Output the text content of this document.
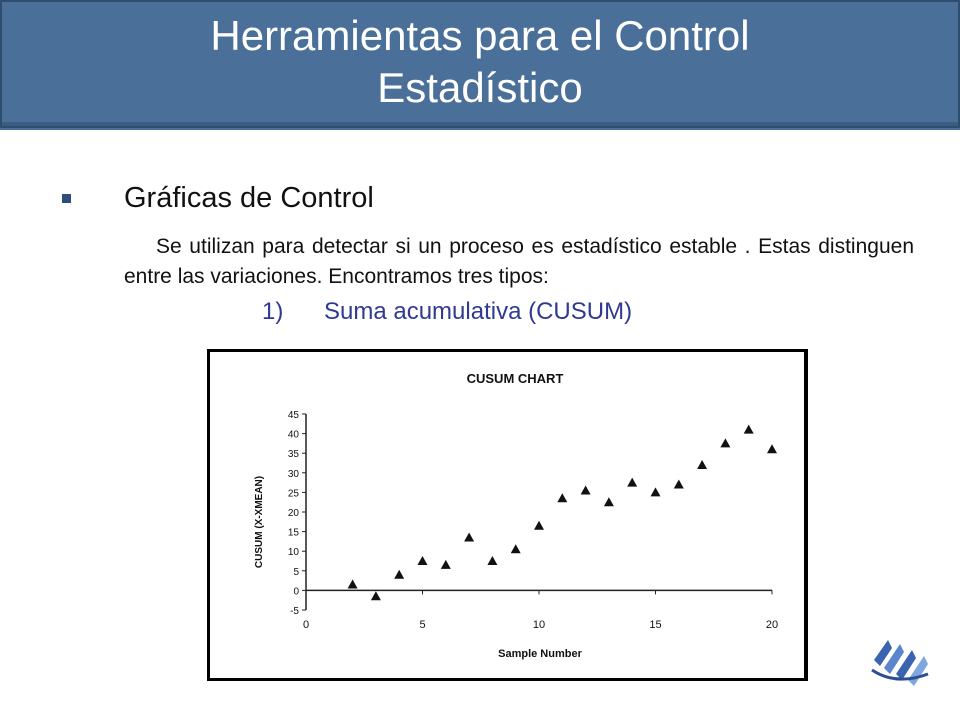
Herramientas para el Control
Estadístico
Gráficas de Control
Se utilizan para detectar si un proceso es estadístico estable . Estas distinguen entre las variaciones. Encontramos tres tipos:
1) Suma acumulativa (CUSUM)
-5
0
5
10
15
20
25
30
35
40
45
0	5	10	15	20
CUSUM CHART
Sample Number
CUSUM (X-XMEAN)
